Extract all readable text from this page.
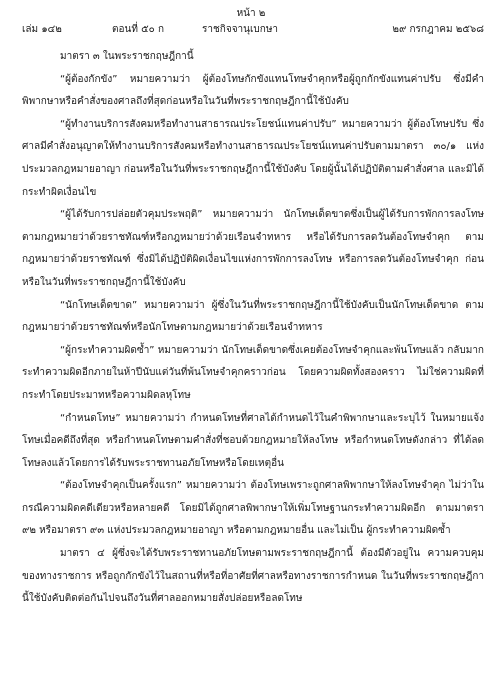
หน้า ๒
เล่ม ๑๔๒	ตอนที่ ๕๐ ก	ราชกิจจานุเบกษา	๒๙ กรกฎาคม ๒๕๖๘

มาตรา ๓ ในพระราชกฤษฎีกานี้

“ผู้ต้องกักขัง” หมายความว่า ผู้ต้องโทษกักขังแทนโทษจำคุกหรือผู้ถูกกักขังแทนค่าปรับ ซึ่งมีคำพิพากษาหรือคำสั่งของศาลถึงที่สุดก่อนหรือในวันที่พระราชกฤษฎีกานี้ใช้บังคับ

“ผู้ทำงานบริการสังคมหรือทำงานสาธารณประโยชน์แทนค่าปรับ” หมายความว่า ผู้ต้องโทษปรับ ซึ่งศาลมีคำสั่งอนุญาตให้ทำงานบริการสังคมหรือทำงานสาธารณประโยชน์แทนค่าปรับตามมาตรา ๓๐/๑ แห่งประมวลกฎหมายอาญา ก่อนหรือในวันที่พระราชกฤษฎีกานี้ใช้บังคับ โดยผู้นั้นได้ปฏิบัติตามคำสั่งศาล และมิได้กระทำผิดเงื่อนไข

“ผู้ได้รับการปล่อยตัวคุมประพฤติ” หมายความว่า นักโทษเด็ดขาดซึ่งเป็นผู้ได้รับการพักการลงโทษ ตามกฎหมายว่าด้วยราชทัณฑ์หรือกฎหมายว่าด้วยเรือนจำทหาร หรือได้รับการลดวันต้องโทษจำคุก ตามกฎหมายว่าด้วยราชทัณฑ์ ซึ่งมิได้ปฏิบัติผิดเงื่อนไขแห่งการพักการลงโทษ หรือการลดวันต้องโทษจำคุก ก่อนหรือในวันที่พระราชกฤษฎีกานี้ใช้บังคับ

“นักโทษเด็ดขาด” หมายความว่า ผู้ซึ่งในวันที่พระราชกฤษฎีกานี้ใช้บังคับเป็นนักโทษเด็ดขาด ตามกฎหมายว่าด้วยราชทัณฑ์หรือนักโทษตามกฎหมายว่าด้วยเรือนจำทหาร

“ผู้กระทำความผิดซ้ำ” หมายความว่า นักโทษเด็ดขาดซึ่งเคยต้องโทษจำคุกและพ้นโทษแล้ว กลับมากระทำความผิดอีกภายในห้าปีนับแต่วันที่พ้นโทษจำคุกคราวก่อน โดยความผิดทั้งสองคราว ไม่ใช่ความผิดที่กระทำโดยประมาทหรือความผิดลหุโทษ

“กำหนดโทษ” หมายความว่า กำหนดโทษที่ศาลได้กำหนดไว้ในคำพิพากษาและระบุไว้ ในหมายแจ้งโทษเมื่อคดีถึงที่สุด หรือกำหนดโทษตามคำสั่งที่ชอบด้วยกฎหมายให้ลงโทษ หรือกำหนดโทษดังกล่าว ที่ได้ลดโทษลงแล้วโดยการได้รับพระราชทานอภัยโทษหรือโดยเหตุอื่น

“ต้องโทษจำคุกเป็นครั้งแรก” หมายความว่า ต้องโทษเพราะถูกศาลพิพากษาให้ลงโทษจำคุก ไม่ว่าในกรณีความผิดคดีเดียวหรือหลายคดี โดยมิได้ถูกศาลพิพากษาให้เพิ่มโทษฐานกระทำความผิดอีก ตามมาตรา ๙๒ หรือมาตรา ๙๓ แห่งประมวลกฎหมายอาญา หรือตามกฎหมายอื่น และไม่เป็น ผู้กระทำความผิดซ้ำ

มาตรา ๔ ผู้ซึ่งจะได้รับพระราชทานอภัยโทษตามพระราชกฤษฎีกานี้ ต้องมีตัวอยู่ใน ความควบคุมของทางราชการ หรือถูกกักขังไว้ในสถานที่หรือที่อาศัยที่ศาลหรือทางราชการกำหนด ในวันที่พระราชกฤษฎีกานี้ใช้บังคับติดต่อกันไปจนถึงวันที่ศาลออกหมายสั่งปล่อยหรือลดโทษ
